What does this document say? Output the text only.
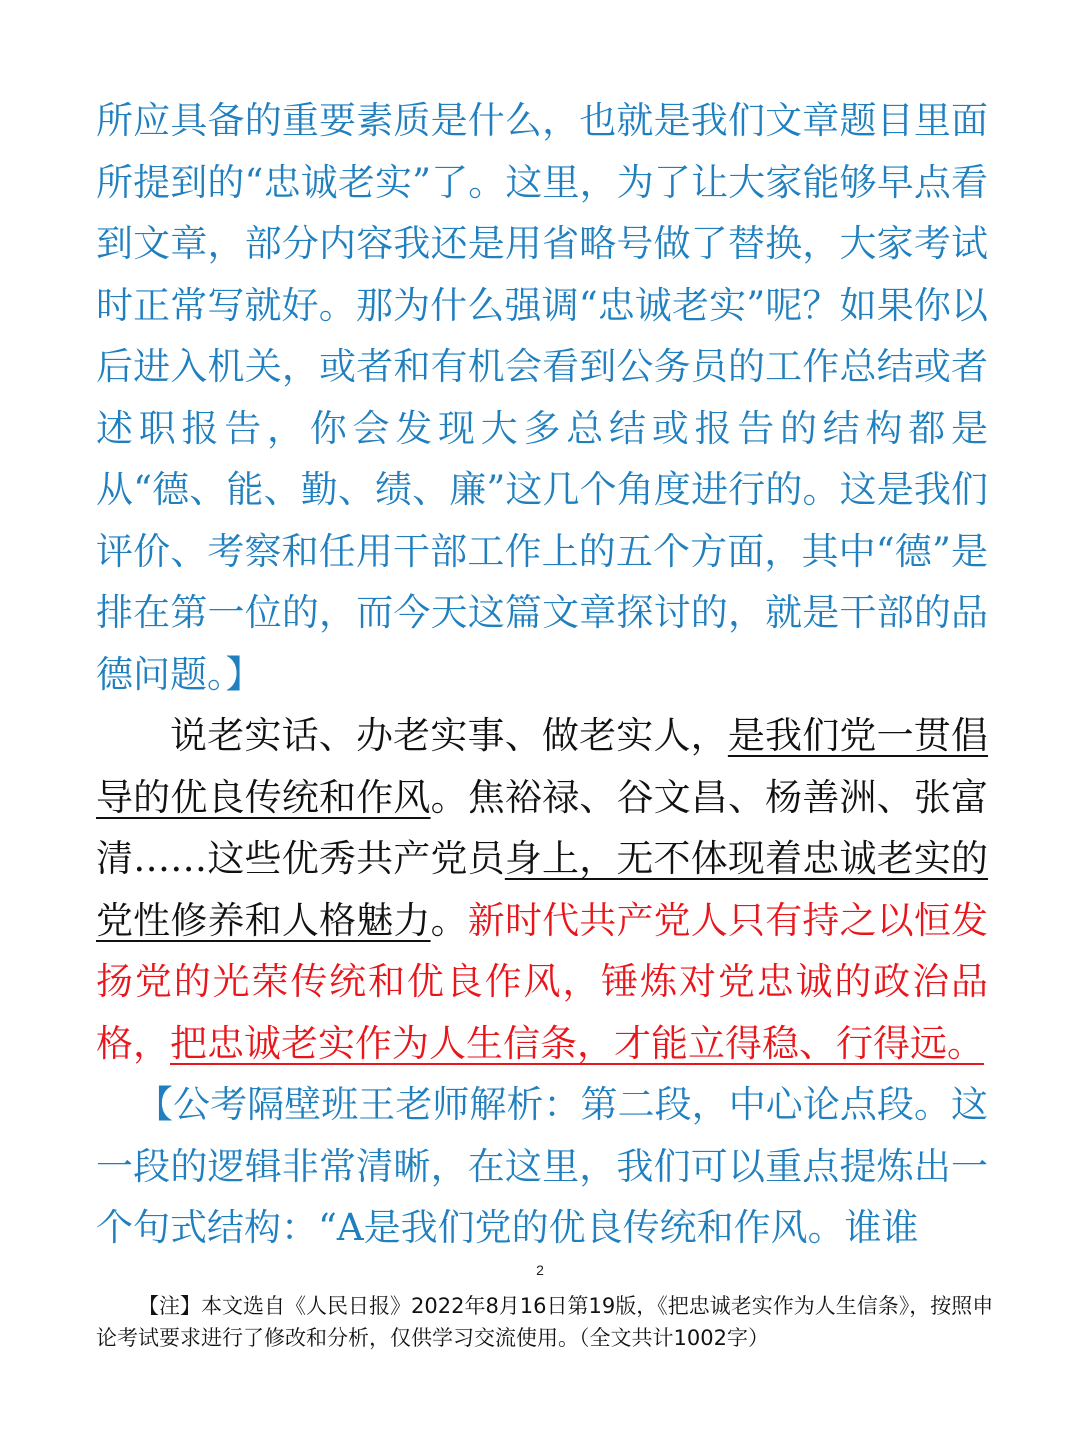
所应具备的重要素质是什么，也就是我们文章题目里面所提到的“忠诚老实”了。这里，为了让大家能够早点看到文章，部分内容我还是用省略号做了替换，大家考试时正常写就好。那为什么强调“忠诚老实”呢？如果你以后进入机关，或者和有机会看到公务员的工作总结或者述职报告，你会发现大多总结或报告的结构都是从“德、能、勤、绩、廉”这几个角度进行的。这是我们评价、考察和任用干部工作上的五个方面，其中“德”是排在第一位的，而今天这篇文章探讨的，就是干部的品德问题。】

说老实话、办老实事、做老实人，是我们党一贯倡导的优良传统和作风。焦裕禄、谷文昌、杨善洲、张富清……这些优秀共产党员身上，无不体现着忠诚老实的党性修养和人格魅力。新时代共产党人只有持之以恒发扬党的光荣传统和优良作风，锤炼对党忠诚的政治品格，把忠诚老实作为人生信条，才能立得稳、行得远。

【公考隔壁班王老师解析：第二段，中心论点段。这一段的逻辑非常清晰，在这里，我们可以重点提炼出一个句式结构：“A是我们党的优良传统和作风。谁谁

2
【注】本文选自《人民日报》2022年8月16日第19版，《把忠诚老实作为人生信条》，按照申论考试要求进行了修改和分析，仅供学习交流使用。（全文共计1002字）
